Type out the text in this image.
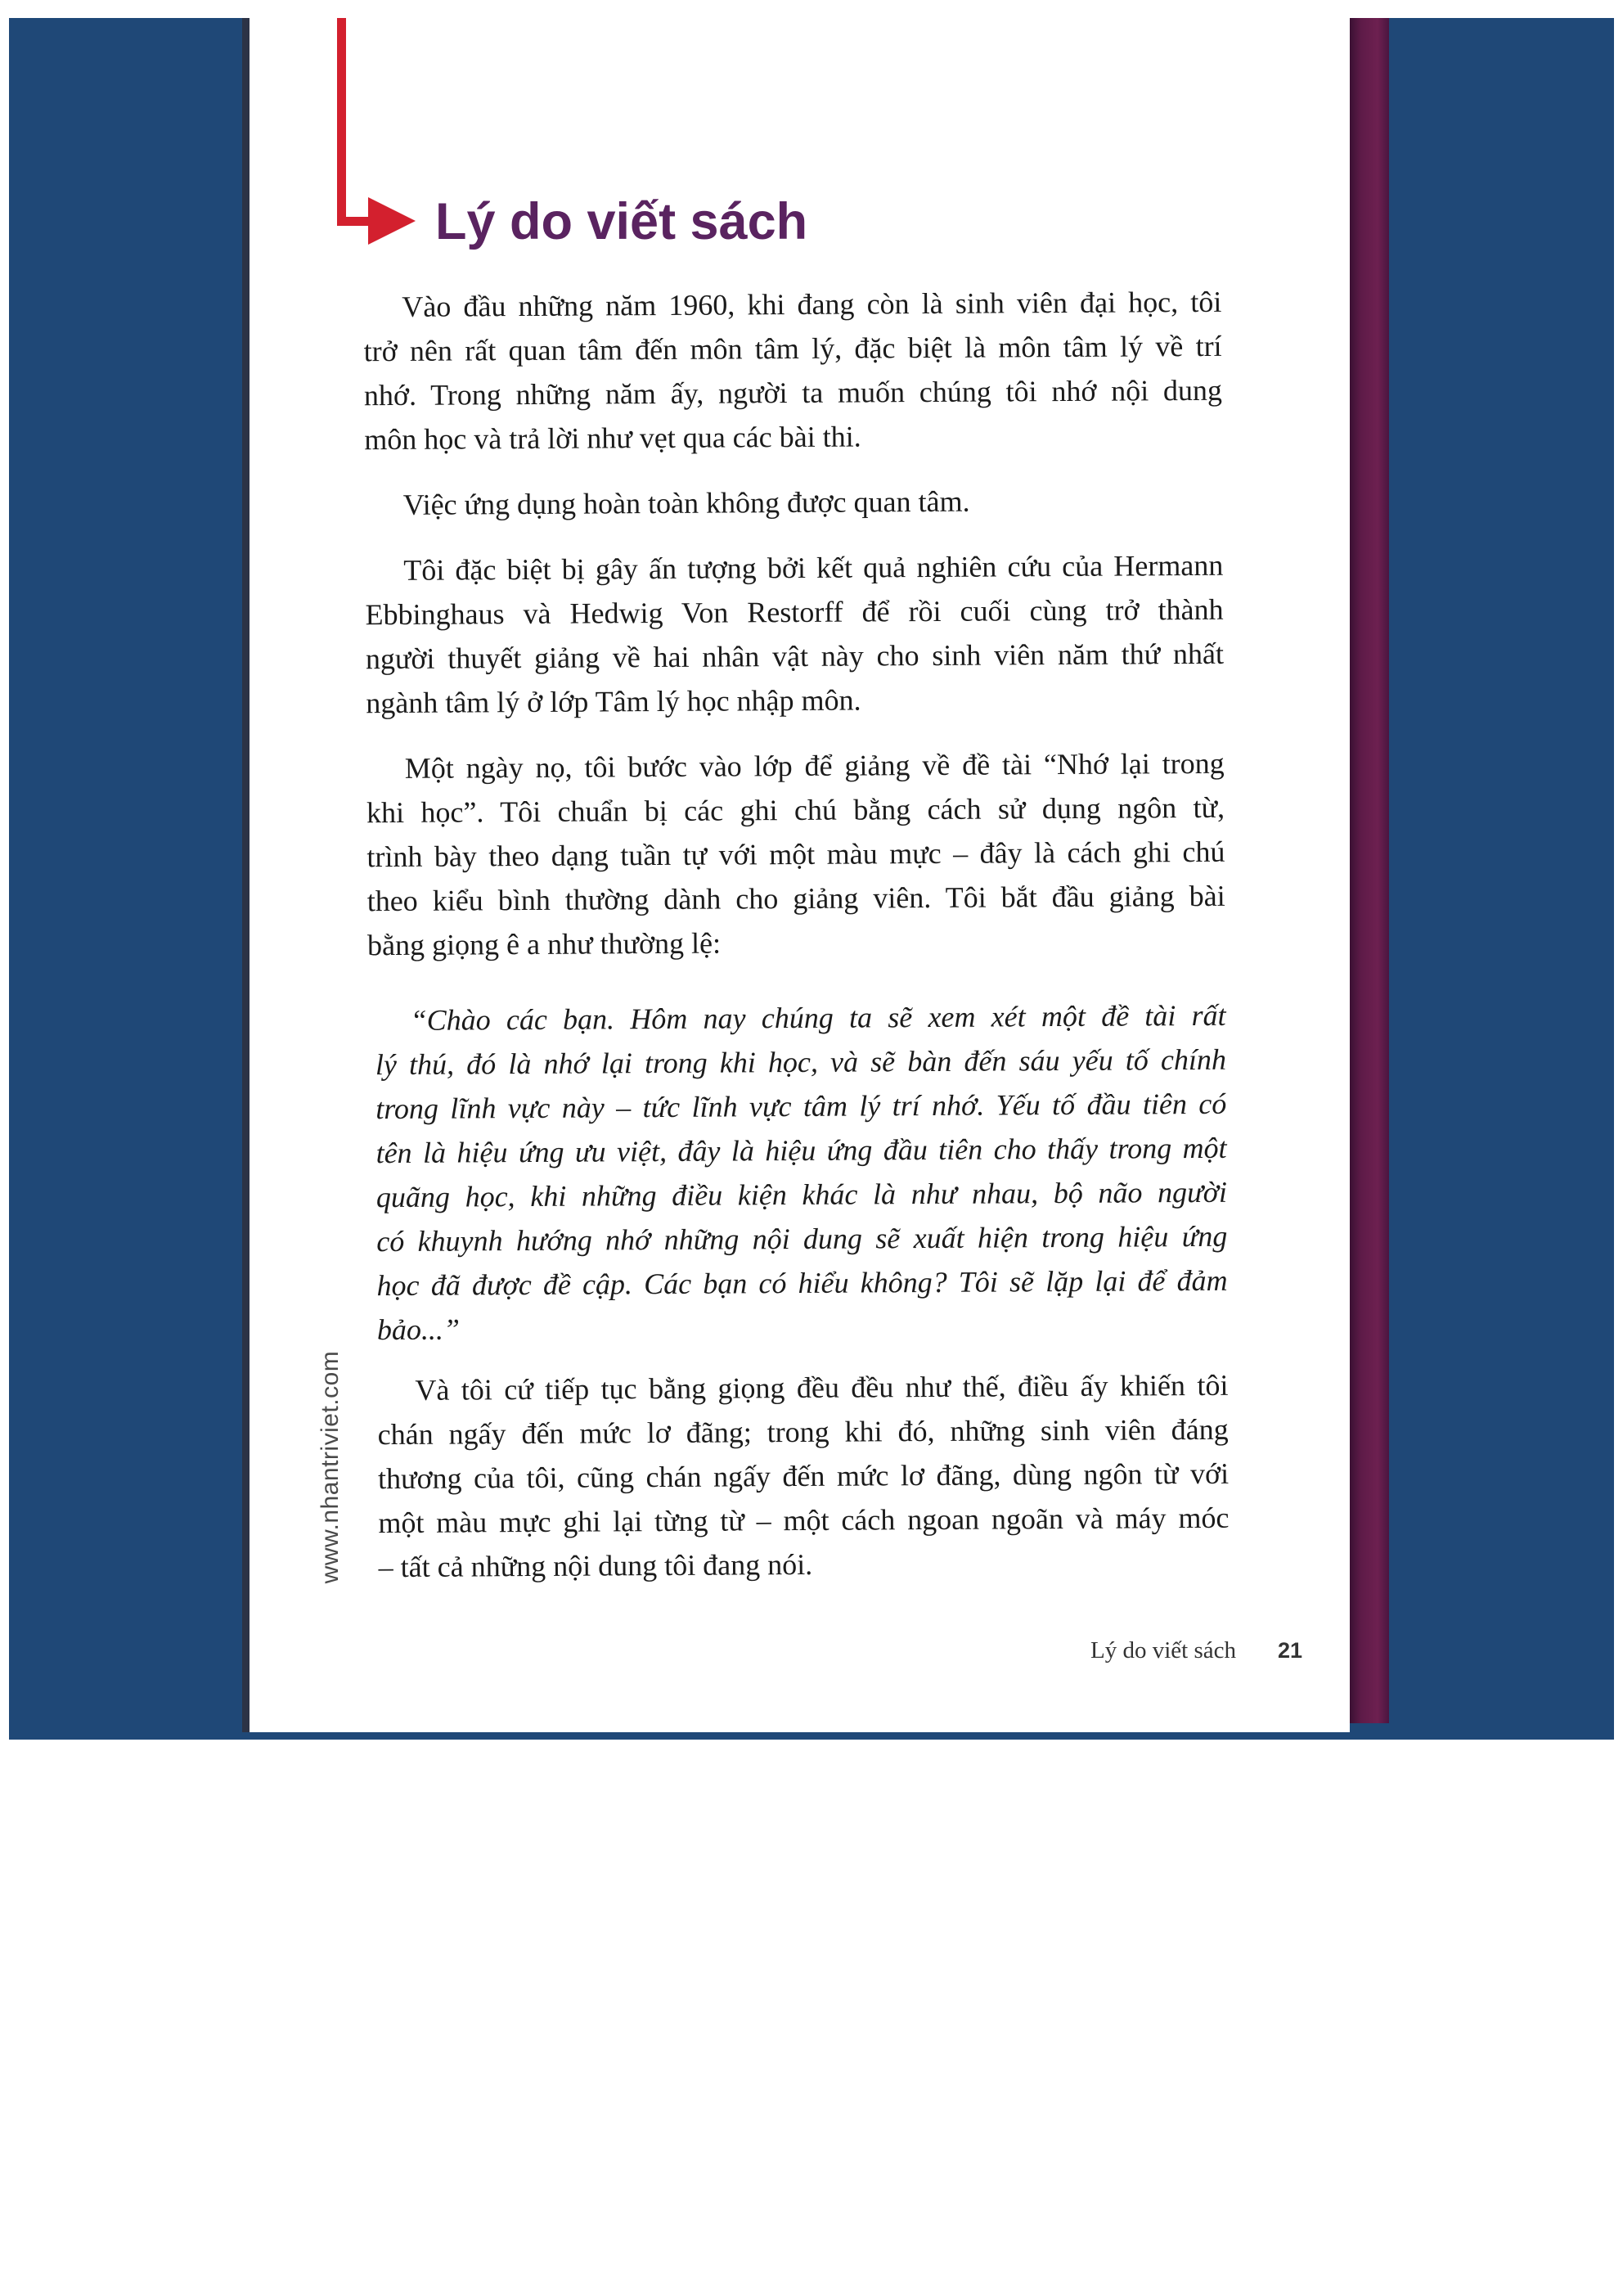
Lý do viết sách
Vào đầu những năm 1960, khi đang còn là sinh viên đại học, tôi
trở nên rất quan tâm đến môn tâm lý, đặc biệt là môn tâm lý về trí
nhớ. Trong những năm ấy, người ta muốn chúng tôi nhớ nội dung
môn học và trả lời như vẹt qua các bài thi.
Việc ứng dụng hoàn toàn không được quan tâm.
Tôi đặc biệt bị gây ấn tượng bởi kết quả nghiên cứu của Hermann
Ebbinghaus và Hedwig Von Restorff để rồi cuối cùng trở thành
người thuyết giảng về hai nhân vật này cho sinh viên năm thứ nhất
ngành tâm lý ở lớp Tâm lý học nhập môn.
Một ngày nọ, tôi bước vào lớp để giảng về đề tài “Nhớ lại trong
khi học”. Tôi chuẩn bị các ghi chú bằng cách sử dụng ngôn từ,
trình bày theo dạng tuần tự với một màu mực – đây là cách ghi chú
theo kiểu bình thường dành cho giảng viên. Tôi bắt đầu giảng bài
bằng giọng ê a như thường lệ:
“Chào các bạn. Hôm nay chúng ta sẽ xem xét một đề tài rất
lý thú, đó là nhớ lại trong khi học, và sẽ bàn đến sáu yếu tố chính
trong lĩnh vực này – tức lĩnh vực tâm lý trí nhớ. Yếu tố đầu tiên có
tên là hiệu ứng ưu việt, đây là hiệu ứng đầu tiên cho thấy trong một
quãng học, khi những điều kiện khác là như nhau, bộ não người
có khuynh hướng nhớ những nội dung sẽ xuất hiện trong hiệu ứng
học đã được đề cập. Các bạn có hiểu không? Tôi sẽ lặp lại để đảm
bảo...”
Và tôi cứ tiếp tục bằng giọng đều đều như thế, điều ấy khiến tôi
chán ngấy đến mức lơ đãng; trong khi đó, những sinh viên đáng
thương của tôi, cũng chán ngấy đến mức lơ đãng, dùng ngôn từ với
một màu mực ghi lại từng từ – một cách ngoan ngoãn và máy móc
– tất cả những nội dung tôi đang nói.
www.nhantriviet.com
Lý do viết sách 21
